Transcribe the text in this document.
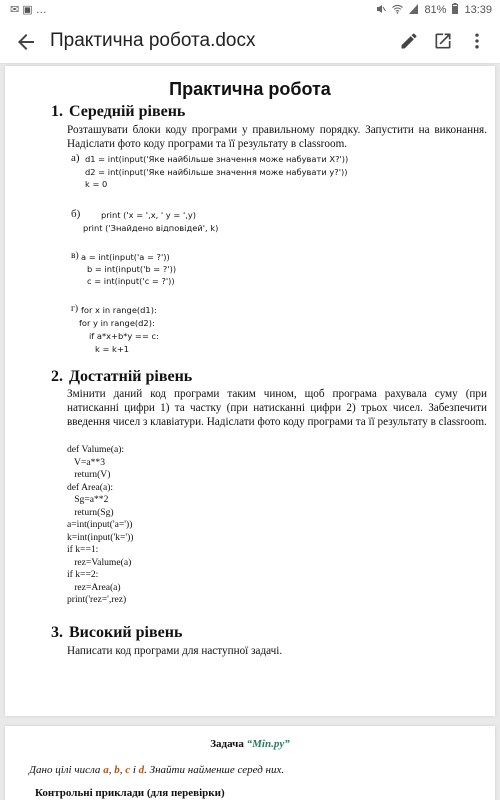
✉ ▣ …	81% 13:39
Практична робота.docx
Практична робота
1. Середній рівень
Розташувати блоки коду програми у правильному порядку. Запустити на виконання. Надіслати фото коду програми та її результату в classroom.
а) d1 = int(input('Яке найбільше значення може набувати X?'))
d2 = int(input('Яке найбільше значення може набувати y?'))
k = 0
б) print ('x = ',x, ' y = ',y)
print ('Знайдено відповідей', k)
в) a = int(input('a = ?'))
b = int(input('b = ?'))
c = int(input('c = ?'))
г) for x in range(d1):
for y in range(d2):
if a*x+b*y == c:
k = k+1
2. Достатній рівень
Змінити даний код програми таким чином, щоб програма рахувала суму (при натисканні цифри 1) та частку (при натисканні цифри 2) трьох чисел. Забезпечити введення чисел з клавіатури. Надіслати фото коду програми та її результату в classroom.
def Valume(a):
V=a**3
return(V)
def Area(a):
Sg=a**2
return(Sg)
a=int(input('a='))
k=int(input('k='))
if k==1:
rez=Valume(a)
if k==2:
rez=Area(a)
print('rez=',rez)
3. Високий рівень
Написати код програми для наступної задачі.
Задача “Min.py”
Дано цілі числа a, b, c і d. Знайти найменше серед них.
Контрольні приклади (для перевірки)
